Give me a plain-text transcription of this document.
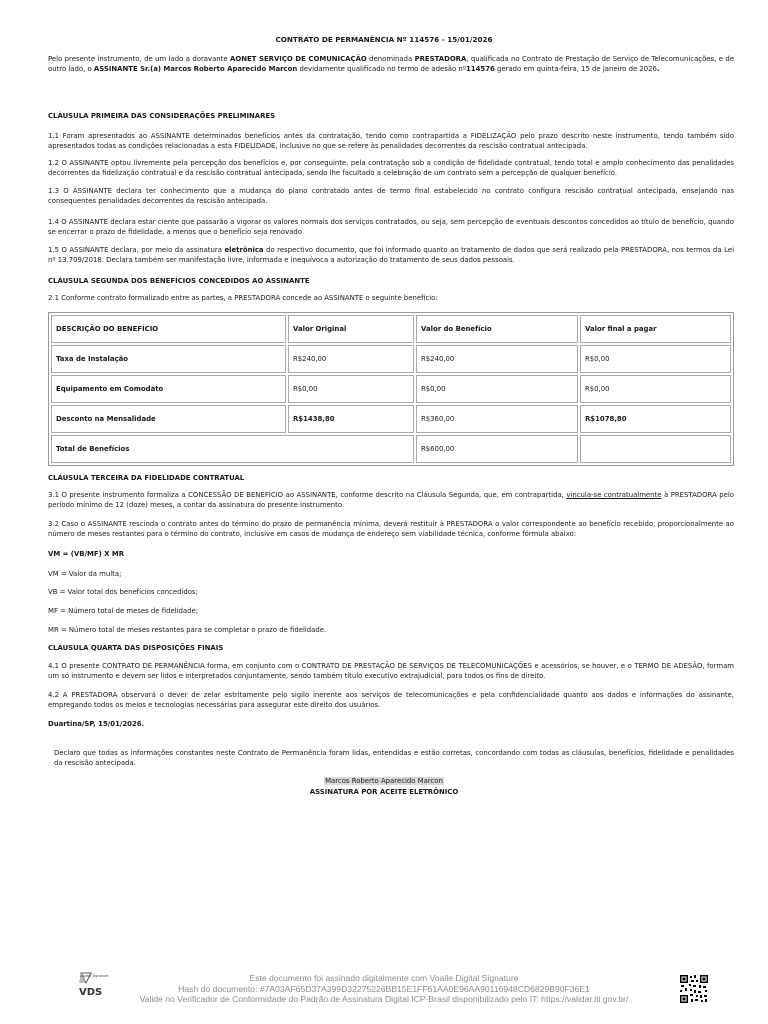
CONTRATO DE PERMANÊNCIA Nº 114576 - 15/01/2026
Pelo presente instrumento, de um lado a doravante AONET SERVIÇO DE COMUNICAÇÃO denominada PRESTADORA, qualificada no Contrato de Prestação de Serviço de Telecomunicações, e de outro lado, o ASSINANTE Sr.(a) Marcos Roberto Aparecido Marcon devidamente qualificado no termo de adesão nº114576 gerado em quinta-feira, 15 de janeiro de 2026.
CLÁUSULA PRIMEIRA DAS CONSIDERAÇÕES PRELIMINARES
1.1 Foram apresentados ao ASSINANTE determinados benefícios antes da contratação, tendo como contrapartida a FIDELIZAÇÃO pelo prazo descrito neste instrumento, tendo também sido apresentados todas as condições relacionadas a esta FIDELIDADE, inclusive no que se refere às penalidades decorrentes da rescisão contratual antecipada.
1.2 O ASSINANTE optou livremente pela percepção dos benefícios e, por conseguinte, pela contratação sob a condição de fidelidade contratual, tendo total e amplo conhecimento das penalidades decorrentes da fidelização contratual e da rescisão contratual antecipada, sendo lhe facultado a celebração de um contrato sem a percepção de qualquer benefício.
1.3 O ASSINANTE declara ter conhecimento que a mudança do plano contratado antes de termo final estabelecido no contrato configura rescisão contratual antecipada, ensejando nas consequentes penalidades decorrentes da rescisão antecipada.
1.4 O ASSINANTE declara estar ciente que passarão a vigorar os valores normais dos serviços contratados, ou seja, sem percepção de eventuais descontos concedidos ao título de benefício, quando se encerrar o prazo de fidelidade, a menos que o benefício seja renovado
1.5 O ASSINANTE declara, por meio da assinatura eletrônica do respectivo documento, que foi informado quanto ao tratamento de dados que será realizado pela PRESTADORA, nos termos da Lei nº 13.709/2018. Declara também ser manifestação livre, informada e inequívoca a autorização do tratamento de seus dados pessoais.
CLÁUSULA SEGUNDA DOS BENEFÍCIOS CONCEDIDOS AO ASSINANTE
2.1 Conforme contrato formalizado entre as partes, a PRESTADORA concede ao ASSINANTE o seguinte benefício:
DESCRIÇÃO DO BENEFÍCIO	Valor Original	Valor do Benefício	Valor final a pagar
Taxa de Instalação	R$240,00	R$240,00	R$0,00
Equipamento em Comodato	R$0,00	R$0,00	R$0,00
Desconto na Mensalidade	R$1438,80	R$360,00	R$1078,80
Total de Benefícios		R$600,00	
CLÁUSULA TERCEIRA DA FIDELIDADE CONTRATUAL
3.1 O presente instrumento formaliza a CONCESSÃO DE BENEFÍCIO ao ASSINANTE, conforme descrito na Cláusula Segunda, que, em contrapartida, vincula-se contratualmente à PRESTADORA pelo período mínimo de 12 (doze) meses, a contar da assinatura do presente instrumento.
3.2 Caso o ASSINANTE rescinda o contrato antes do término do prazo de permanência mínima, deverá restituir à PRESTADORA o valor correspondente ao benefício recebido, proporcionalmente ao número de meses restantes para o término do contrato, inclusive em casos de mudança de endereço sem viabilidade técnica, conforme fórmula abaixo:
VM = (VB/MF) X MR
VM = Valor da multa;
VB = Valor total dos benefícios concedidos;
MF = Número total de meses de fidelidade;
MR = Número total de meses restantes para se completar o prazo de fidelidade.
CLÁUSULA QUARTA DAS DISPOSIÇÕES FINAIS
4.1 O presente CONTRATO DE PERMANÊNCIA forma, em conjunto com o CONTRATO DE PRESTAÇÃO DE SERVIÇOS DE TELECOMUNICAÇÕES e acessórios, se houver, e o TERMO DE ADESÃO, formam um só instrumento e devem ser lidos e interpretados conjuntamente, sendo também título executivo extrajudicial, para todos os fins de direito.
4.2 A PRESTADORA observará o dever de zelar estritamente pelo sigilo inerente aos serviços de telecomunicações e pela confidencialidade quanto aos dados e informações do assinante, empregando todos os meios e tecnologias necessárias para assegurar este direito dos usuários.
Duartina/SP, 15/01/2026.
Declaro que todas as informações constantes neste Contrato de Permanência foram lidas, entendidas e estão corretas, concordando com todas as cláusulas, benefícios, fidelidade e penalidades da rescisão antecipada.
Marcos Roberto Aparecido Marcon
ASSINATURA POR ACEITE ELETRÔNICO
Digital Signature
VDS
Este documento foi assinado digitalmente com Voalle Digital Signature
Hash do documento: #7A03AF65D37A399D32275226BB15E1FF61AA0E96AA90116948CD6829B90F36E1
Valide no Verificador de Conformidade do Padrão de Assinatura Digital ICP-Brasil disponibilizado pelo IT: https://validar.iti.gov.br/
